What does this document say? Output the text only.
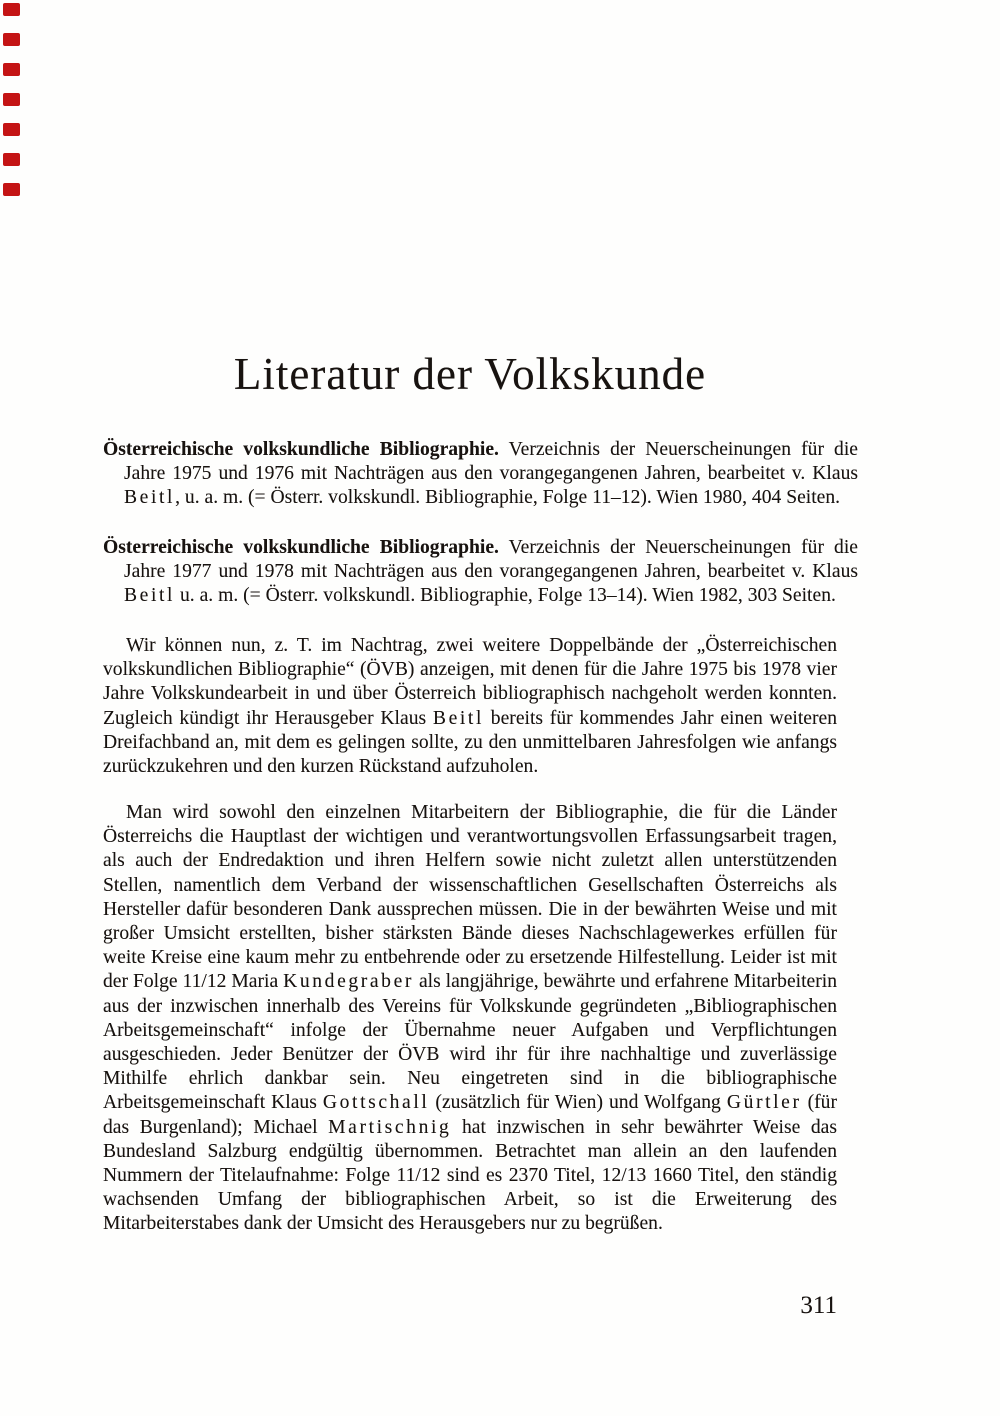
Literatur der Volkskunde

Österreichische volkskundliche Bibliographie. Verzeichnis der Neuerscheinungen für die Jahre 1975 und 1976 mit Nachträgen aus den vorangegangenen Jahren, bearbeitet v. Klaus Beitl, u. a. m. (= Österr. volkskundl. Bibliographie, Folge 11–12). Wien 1980, 404 Seiten.

Österreichische volkskundliche Bibliographie. Verzeichnis der Neuerscheinungen für die Jahre 1977 und 1978 mit Nachträgen aus den vorangegangenen Jahren, bearbeitet v. Klaus Beitl u. a. m. (= Österr. volkskundl. Bibliographie, Folge 13–14). Wien 1982, 303 Seiten.

Wir können nun, z. T. im Nachtrag, zwei weitere Doppelbände der „Österreichischen volkskundlichen Bibliographie“ (ÖVB) anzeigen, mit denen für die Jahre 1975 bis 1978 vier Jahre Volkskundearbeit in und über Österreich bibliographisch nachgeholt werden konnten. Zugleich kündigt ihr Herausgeber Klaus Beitl bereits für kommendes Jahr einen weiteren Dreifachband an, mit dem es gelingen sollte, zu den unmittelbaren Jahresfolgen wie anfangs zurückzukehren und den kurzen Rückstand aufzuholen.

Man wird sowohl den einzelnen Mitarbeitern der Bibliographie, die für die Länder Österreichs die Hauptlast der wichtigen und verantwortungsvollen Erfassungsarbeit tragen, als auch der Endredaktion und ihren Helfern sowie nicht zuletzt allen unterstützenden Stellen, namentlich dem Verband der wissenschaftlichen Gesellschaften Österreichs als Hersteller dafür besonderen Dank aussprechen müssen. Die in der bewährten Weise und mit großer Umsicht erstellten, bisher stärksten Bände dieses Nachschlagewerkes erfüllen für weite Kreise eine kaum mehr zu entbehrende oder zu ersetzende Hilfestellung. Leider ist mit der Folge 11/12 Maria Kundegraber als langjährige, bewährte und erfahrene Mitarbeiterin aus der inzwischen innerhalb des Vereins für Volkskunde gegründeten „Bibliographischen Arbeitsgemeinschaft“ infolge der Übernahme neuer Aufgaben und Verpflichtungen ausgeschieden. Jeder Benützer der ÖVB wird ihr für ihre nachhaltige und zuverlässige Mithilfe ehrlich dankbar sein. Neu eingetreten sind in die bibliographische Arbeitsgemeinschaft Klaus Gottschall (zusätzlich für Wien) und Wolfgang Gürtler (für das Burgenland); Michael Martischnig hat inzwischen in sehr bewährter Weise das Bundesland Salzburg endgültig übernommen. Betrachtet man allein an den laufenden Nummern der Titelaufnahme: Folge 11/12 sind es 2370 Titel, 12/13 1660 Titel, den ständig wachsenden Umfang der bibliographischen Arbeit, so ist die Erweiterung des Mitarbeiterstabes dank der Umsicht des Herausgebers nur zu begrüßen.

311
